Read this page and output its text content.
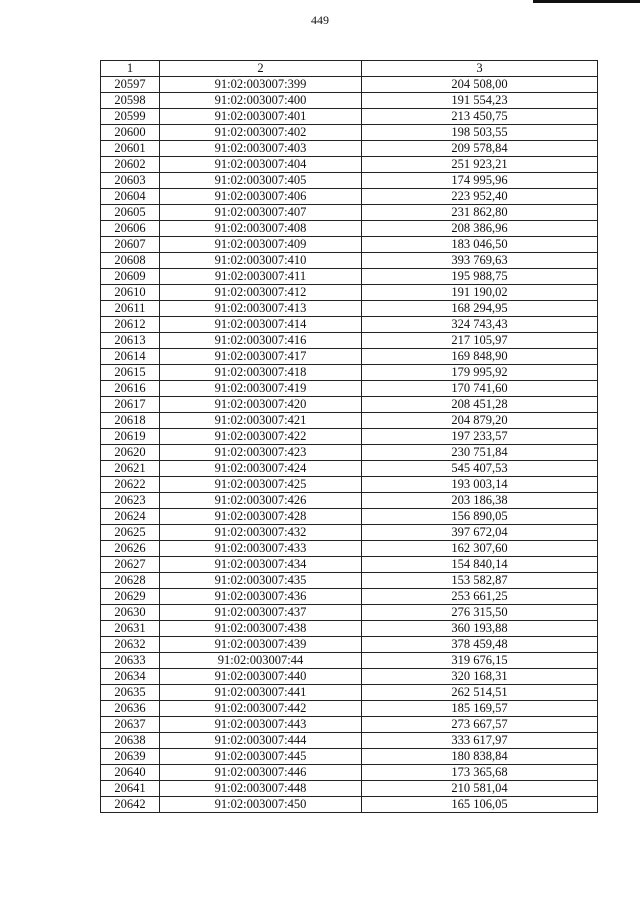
449
1	2	3
20597	91:02:003007:399	204 508,00
20598	91:02:003007:400	191 554,23
20599	91:02:003007:401	213 450,75
20600	91:02:003007:402	198 503,55
20601	91:02:003007:403	209 578,84
20602	91:02:003007:404	251 923,21
20603	91:02:003007:405	174 995,96
20604	91:02:003007:406	223 952,40
20605	91:02:003007:407	231 862,80
20606	91:02:003007:408	208 386,96
20607	91:02:003007:409	183 046,50
20608	91:02:003007:410	393 769,63
20609	91:02:003007:411	195 988,75
20610	91:02:003007:412	191 190,02
20611	91:02:003007:413	168 294,95
20612	91:02:003007:414	324 743,43
20613	91:02:003007:416	217 105,97
20614	91:02:003007:417	169 848,90
20615	91:02:003007:418	179 995,92
20616	91:02:003007:419	170 741,60
20617	91:02:003007:420	208 451,28
20618	91:02:003007:421	204 879,20
20619	91:02:003007:422	197 233,57
20620	91:02:003007:423	230 751,84
20621	91:02:003007:424	545 407,53
20622	91:02:003007:425	193 003,14
20623	91:02:003007:426	203 186,38
20624	91:02:003007:428	156 890,05
20625	91:02:003007:432	397 672,04
20626	91:02:003007:433	162 307,60
20627	91:02:003007:434	154 840,14
20628	91:02:003007:435	153 582,87
20629	91:02:003007:436	253 661,25
20630	91:02:003007:437	276 315,50
20631	91:02:003007:438	360 193,88
20632	91:02:003007:439	378 459,48
20633	91:02:003007:44	319 676,15
20634	91:02:003007:440	320 168,31
20635	91:02:003007:441	262 514,51
20636	91:02:003007:442	185 169,57
20637	91:02:003007:443	273 667,57
20638	91:02:003007:444	333 617,97
20639	91:02:003007:445	180 838,84
20640	91:02:003007:446	173 365,68
20641	91:02:003007:448	210 581,04
20642	91:02:003007:450	165 106,05
